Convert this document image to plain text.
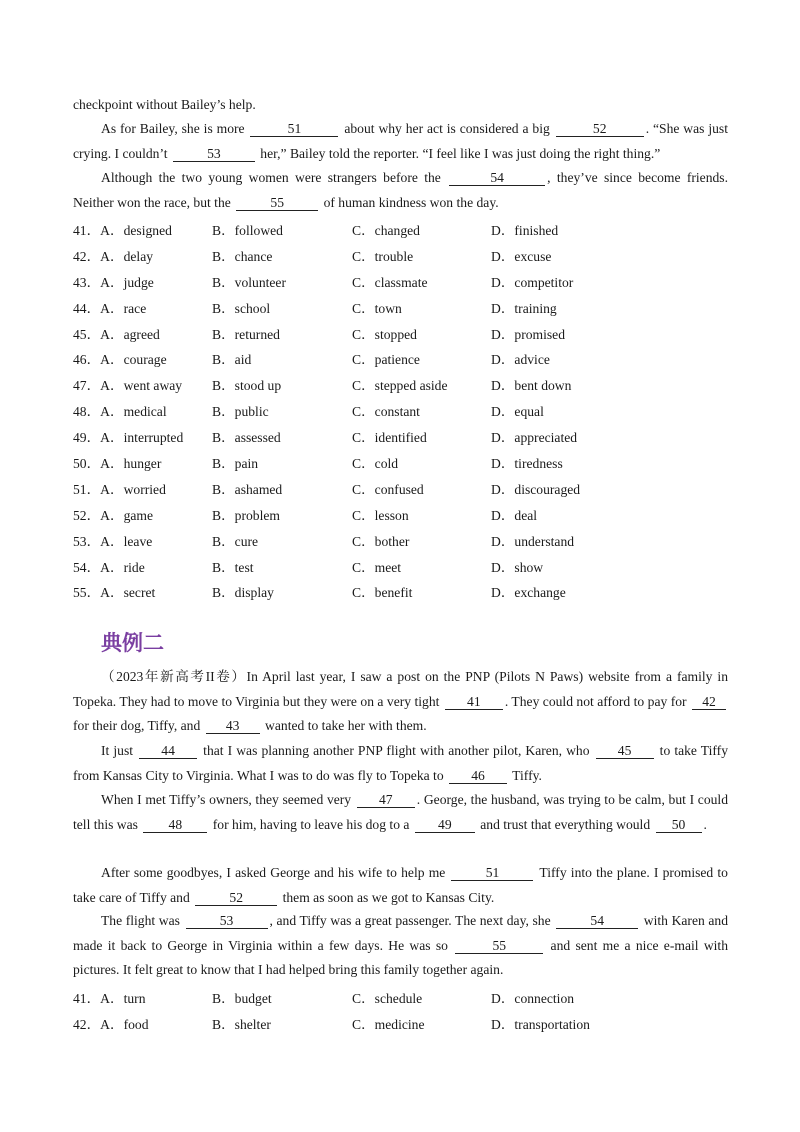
checkpoint without Bailey’s help.

As for Bailey, she is more	51	about why her act is considered a big	52	. “She was just crying. I couldn’t	53	her,” Bailey told the reporter. “I feel like I was just doing the right thing.”

Although the two young women were strangers before the	54	, they’ve since become friends. Neither won the race, but the	55	of human kindness won the day.

41．A．designed	B．followed	C．changed	D．finished
42．A．delay	B．chance	C．trouble	D．excuse
43．A．judge	B．volunteer	C．classmate	D．competitor
44．A．race	B．school	C．town	D．training
45．A．agreed	B．returned	C．stopped	D．promised
46．A．courage	B．aid	C．patience	D．advice
47．A．went away B．stood up	C．stepped aside	D．bent down
48．A．medical	B．public	C．constant	D．equal
49．A．interrupted B．assessed	C．identified	D．appreciated
50．A．hunger	B．pain	C．cold	D．tiredness
51．A．worried	B．ashamed	C．confused	D．discouraged
52．A．game	B．problem	C．lesson	D．deal
53．A．leave	B．cure	C．bother	D．understand
54．A．ride	B．test	C．meet	D．show
55．A．secret	B．display	C．benefit	D．exchange
典例二

（2023年新高考II卷）In April last year, I saw a post on the PNP (Pilots N Paws) website from a family in Topeka. They had to move to Virginia but they were on a very tight 41 . They could not afford to pay for 42 for their dog, Tiffy, and 43 wanted to take her with them.

It just 44 that I was planning another PNP flight with another pilot, Karen, who 45 to take Tiffy from Kansas City to Virginia. What I was to do was fly to Topeka to 46 Tiffy.

When I met Tiffy’s owners, they seemed very 47 . George, the husband, was trying to be calm, but I could tell this was 48 for him, having to leave his dog to a 49 and trust that everything would 50 .

After some goodbyes, I asked George and his wife to help me	51	Tiffy into the plane. I promised to take care of Tiffy and	52	them as soon as we got to Kansas City.

The flight was	53	, and Tiffy was a great passenger. The next day, she	54	with Karen and made it back to George in Virginia within a few days. He was so	55	and sent me a nice e-mail with pictures. It felt great to know that I had helped bring this family together again.

41．A．turn	B．budget	C．schedule	D．connection
42．A．food	B．shelter	C．medicine	D．transportation
